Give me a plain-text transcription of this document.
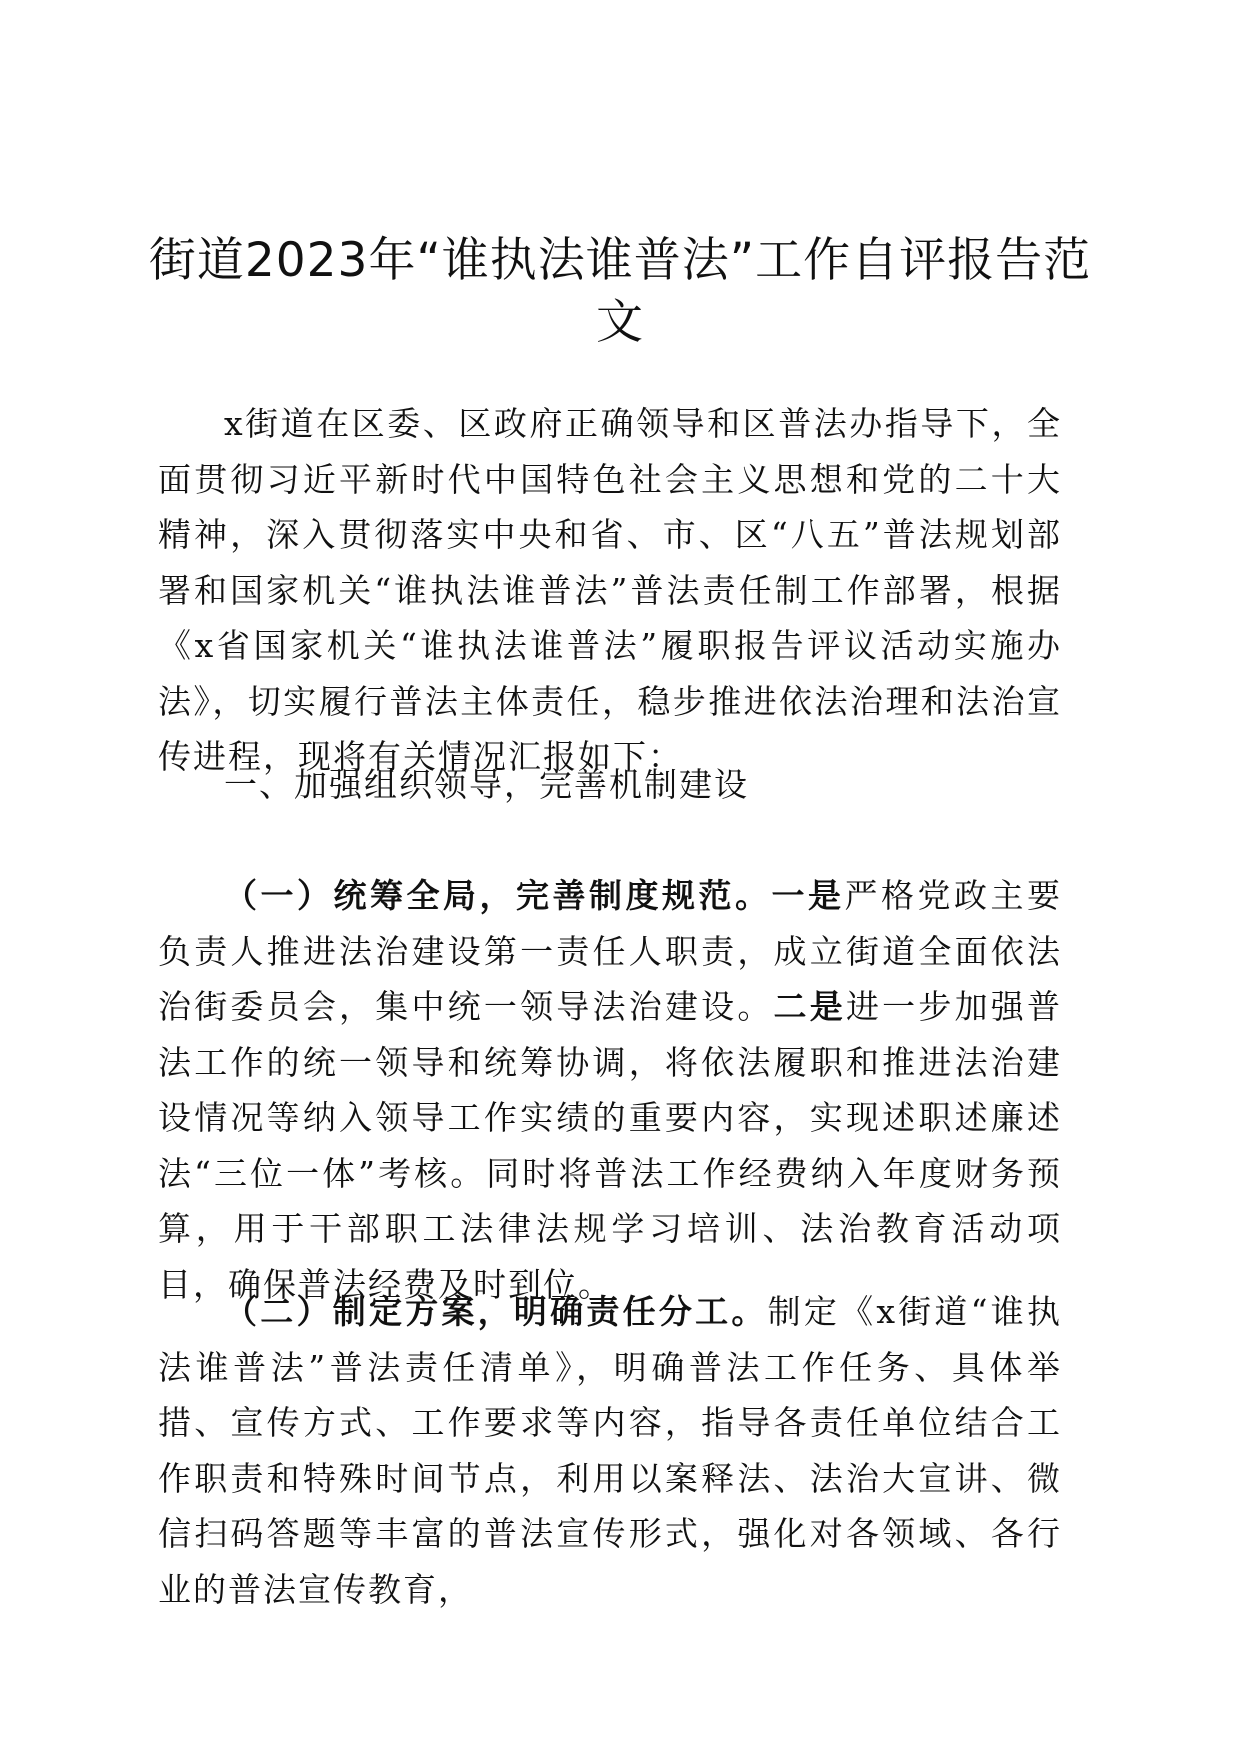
街道2023年“谁执法谁普法”工作自评报告范文

x街道在区委、区政府正确领导和区普法办指导下，全面贯彻习近平新时代中国特色社会主义思想和党的二十大精神，深入贯彻落实中央和省、市、区“八五”普法规划部署和国家机关“谁执法谁普法”普法责任制工作部署，根据《x省国家机关“谁执法谁普法”履职报告评议活动实施办法》，切实履行普法主体责任，稳步推进依法治理和法治宣传进程，现将有关情况汇报如下：

一、加强组织领导，完善机制建设

（一）统筹全局，完善制度规范。一是严格党政主要负责人推进法治建设第一责任人职责，成立街道全面依法治街委员会，集中统一领导法治建设。二是进一步加强普法工作的统一领导和统筹协调，将依法履职和推进法治建设情况等纳入领导工作实绩的重要内容，实现述职述廉述法“三位一体”考核。同时将普法工作经费纳入年度财务预算，用于干部职工法律法规学习培训、法治教育活动项目，确保普法经费及时到位。

（二）制定方案，明确责任分工。制定《x街道“谁执法谁普法”普法责任清单》，明确普法工作任务、具体举措、宣传方式、工作要求等内容，指导各责任单位结合工作职责和特殊时间节点，利用以案释法、法治大宣讲、微信扫码答题等丰富的普法宣传形式，强化对各领域、各行业的普法宣传教育，
